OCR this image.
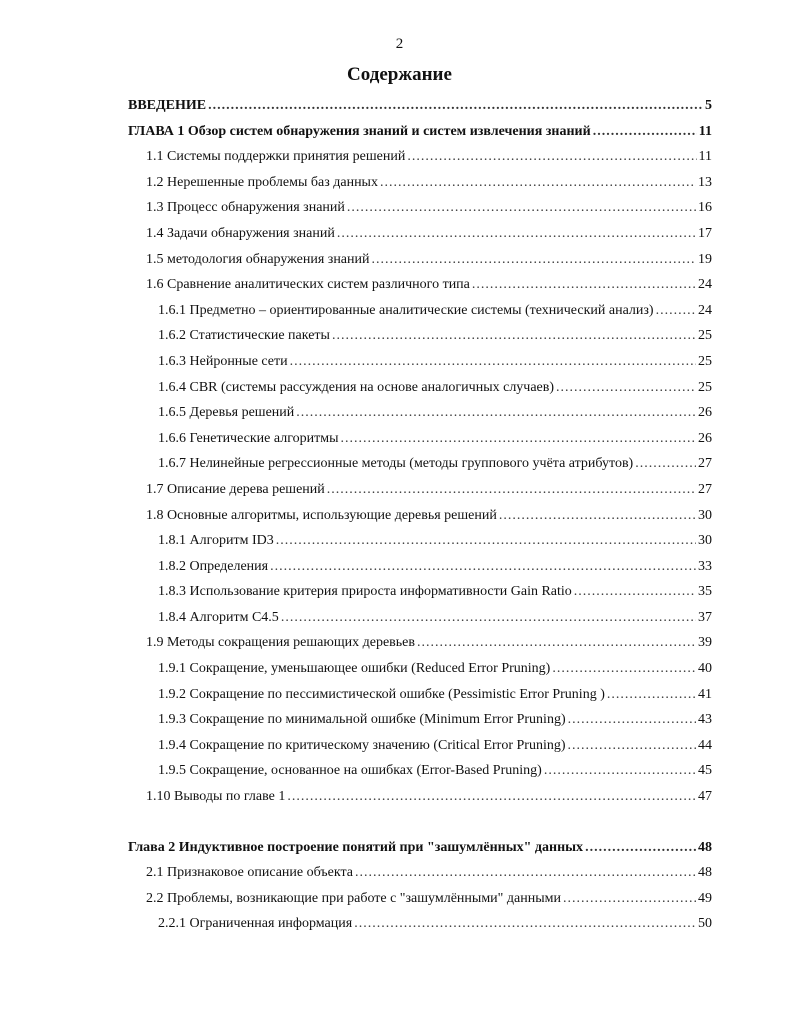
2
Содержание
ВВЕДЕНИЕ .....	5
ГЛАВА 1 Обзор систем обнаружения знаний и систем извлечения знаний .....	11
1.1 Системы поддержки принятия решений .....	11
1.2 Нерешенные проблемы баз данных .....	13
1.3 Процесс обнаружения знаний .....	16
1.4 Задачи обнаружения знаний .....	17
1.5 методология обнаружения знаний .....	19
1.6 Сравнение аналитических систем различного типа .....	24
1.6.1 Предметно – ориентированные аналитические системы (технический анализ) .....	24
1.6.2 Статистические пакеты .....	25
1.6.3 Нейронные сети .....	25
1.6.4 CBR (системы рассуждения на основе аналогичных случаев) .....	25
1.6.5 Деревья решений .....	26
1.6.6 Генетические алгоритмы .....	26
1.6.7 Нелинейные регрессионные методы (методы группового учёта атрибутов) .....	27
1.7 Описание дерева решений .....	27
1.8 Основные алгоритмы, использующие деревья решений .....	30
1.8.1 Алгоритм ID3 .....	30
1.8.2 Определения .....	33
1.8.3 Использование критерия прироста информативности Gain Ratio .....	35
1.8.4 Алгоритм C4.5 .....	37
1.9 Методы сокращения решающих деревьев .....	39
1.9.1 Сокращение, уменьшающее ошибки (Reduced Error Pruning) .....	40
1.9.2 Сокращение по пессимистической ошибке (Pessimistic Error Pruning ) .....	41
1.9.3 Сокращение по минимальной ошибке (Minimum Error Pruning) .....	43
1.9.4 Сокращение по критическому значению (Critical Error Pruning) .....	44
1.9.5 Сокращение, основанное на ошибках (Error-Based Pruning) .....	45
1.10 Выводы по главе 1 .....	47
Глава 2 Индуктивное построение понятий при "зашумлённых" данных .....	48
2.1 Признаковое описание объекта .....	48
2.2 Проблемы, возникающие при работе с "зашумлёнными" данными .....	49
2.2.1 Ограниченная информация .....	50
